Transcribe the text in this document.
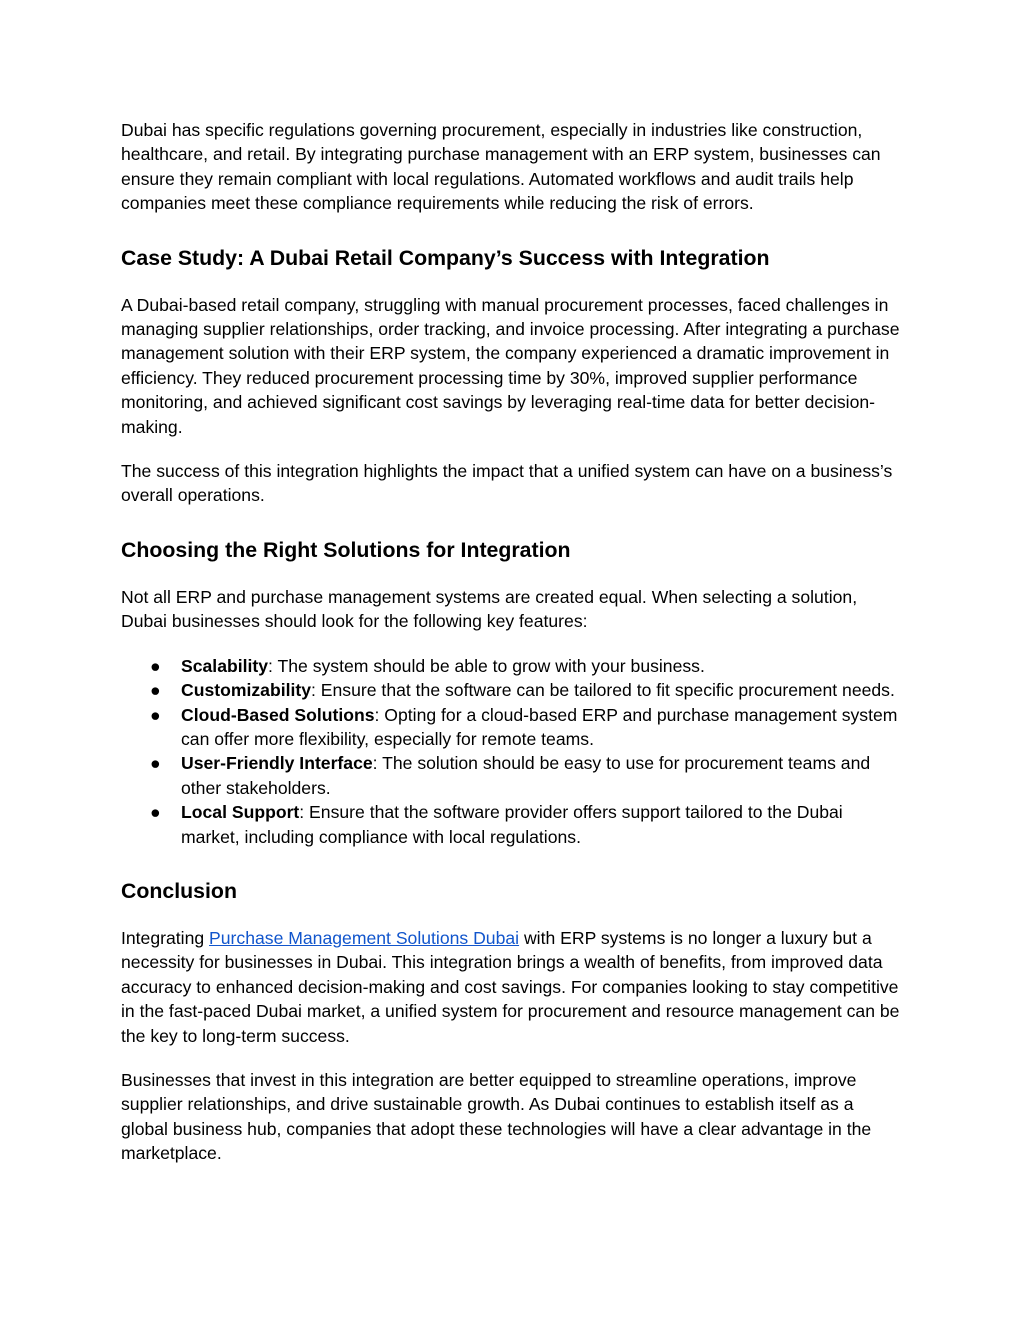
Dubai has specific regulations governing procurement, especially in industries like construction, healthcare, and retail. By integrating purchase management with an ERP system, businesses can ensure they remain compliant with local regulations. Automated workflows and audit trails help companies meet these compliance requirements while reducing the risk of errors.

Case Study: A Dubai Retail Company’s Success with Integration

A Dubai-based retail company, struggling with manual procurement processes, faced challenges in managing supplier relationships, order tracking, and invoice processing. After integrating a purchase management solution with their ERP system, the company experienced a dramatic improvement in efficiency. They reduced procurement processing time by 30%, improved supplier performance monitoring, and achieved significant cost savings by leveraging real-time data for better decision-making.

The success of this integration highlights the impact that a unified system can have on a business’s overall operations.

Choosing the Right Solutions for Integration

Not all ERP and purchase management systems are created equal. When selecting a solution, Dubai businesses should look for the following key features:

● Scalability: The system should be able to grow with your business.
● Customizability: Ensure that the software can be tailored to fit specific procurement needs.
● Cloud-Based Solutions: Opting for a cloud-based ERP and purchase management system can offer more flexibility, especially for remote teams.
● User-Friendly Interface: The solution should be easy to use for procurement teams and other stakeholders.
● Local Support: Ensure that the software provider offers support tailored to the Dubai market, including compliance with local regulations.
Conclusion

Integrating Purchase Management Solutions Dubai with ERP systems is no longer a luxury but a necessity for businesses in Dubai. This integration brings a wealth of benefits, from improved data accuracy to enhanced decision-making and cost savings. For companies looking to stay competitive in the fast-paced Dubai market, a unified system for procurement and resource management can be the key to long-term success.

Businesses that invest in this integration are better equipped to streamline operations, improve supplier relationships, and drive sustainable growth. As Dubai continues to establish itself as a global business hub, companies that adopt these technologies will have a clear advantage in the marketplace.
